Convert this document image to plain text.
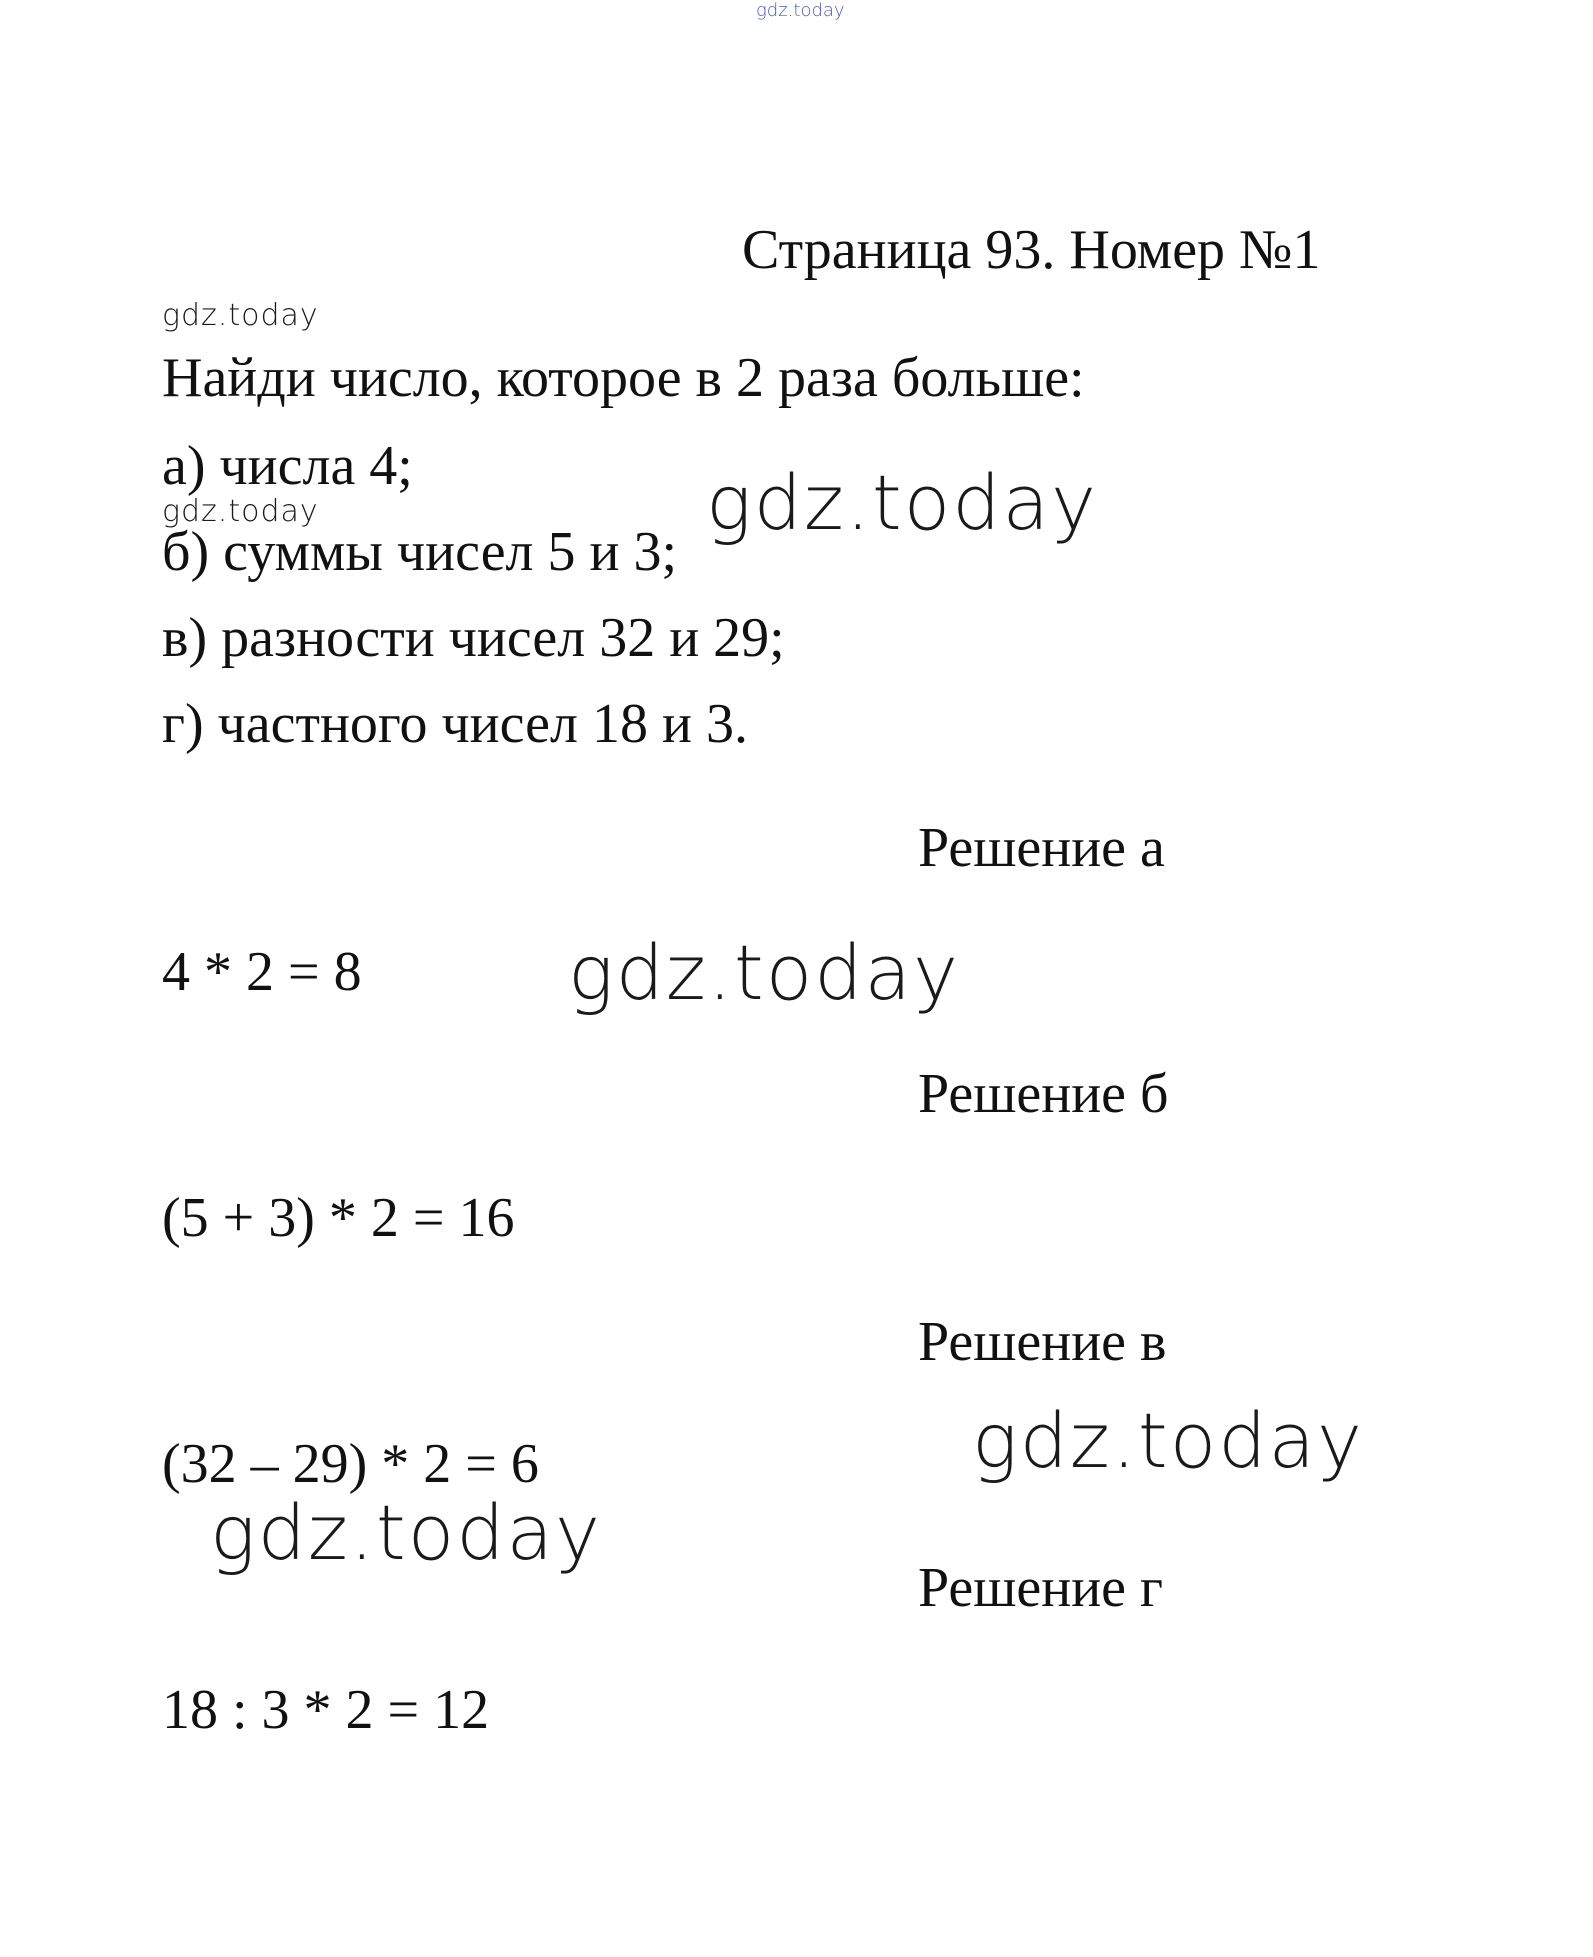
gdz.today
Страница 93. Номер №1
gdz.today
Найди число, которое в 2 раза больше:
а) числа 4;
gdz.today	gdz.today
б) суммы чисел 5 и 3;
в) разности чисел 32 и 29;
г) частного чисел 18 и 3.
Решение а
4 * 2 = 8	gdz.today
Решение б
(5 + 3) * 2 = 16
Решение в
gdz.today
(32 – 29) * 2 = 6
gdz.today
Решение г
18 : 3 * 2 = 12
